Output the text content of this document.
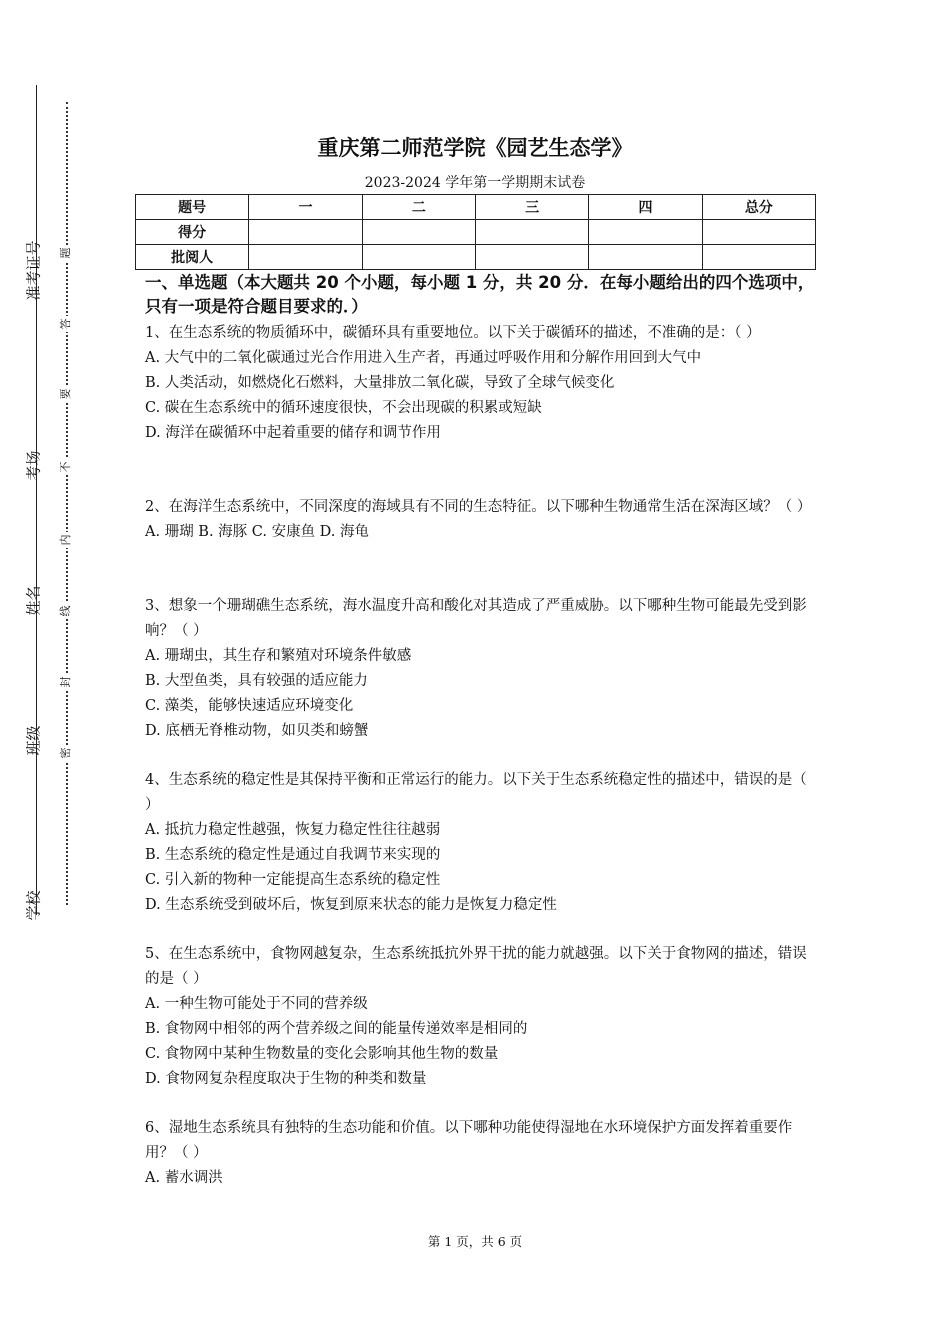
准考证号
考场
姓名
班级
学校
题
答
要
不
内
线
封
密
重庆第二师范学院《园艺生态学》
2023-2024 学年第一学期期末试卷
题号	一	二	三	四	总分
得分					
批阅人					
一、单选题（本大题共 20 个小题，每小题 1 分，共 20 分．在每小题给出的四个选项中，只有一项是符合题目要求的．）
1、在生态系统的物质循环中，碳循环具有重要地位。以下关于碳循环的描述，不准确的是：（ ）
A. 大气中的二氧化碳通过光合作用进入生产者，再通过呼吸作用和分解作用回到大气中
B. 人类活动，如燃烧化石燃料，大量排放二氧化碳，导致了全球气候变化
C. 碳在生态系统中的循环速度很快，不会出现碳的积累或短缺
D. 海洋在碳循环中起着重要的储存和调节作用
2、在海洋生态系统中，不同深度的海域具有不同的生态特征。以下哪种生物通常生活在深海区域？（ ）
A. 珊瑚 B. 海豚 C. 安康鱼 D. 海龟
3、想象一个珊瑚礁生态系统，海水温度升高和酸化对其造成了严重威胁。以下哪种生物可能最先受到影响？（ ）
A. 珊瑚虫，其生存和繁殖对环境条件敏感
B. 大型鱼类，具有较强的适应能力
C. 藻类，能够快速适应环境变化
D. 底栖无脊椎动物，如贝类和螃蟹
4、生态系统的稳定性是其保持平衡和正常运行的能力。以下关于生态系统稳定性的描述中，错误的是（ ）
A. 抵抗力稳定性越强，恢复力稳定性往往越弱
B. 生态系统的稳定性是通过自我调节来实现的
C. 引入新的物种一定能提高生态系统的稳定性
D. 生态系统受到破坏后，恢复到原来状态的能力是恢复力稳定性
5、在生态系统中，食物网越复杂，生态系统抵抗外界干扰的能力就越强。以下关于食物网的描述，错误的是（ ）
A. 一种生物可能处于不同的营养级
B. 食物网中相邻的两个营养级之间的能量传递效率是相同的
C. 食物网中某种生物数量的变化会影响其他生物的数量
D. 食物网复杂程度取决于生物的种类和数量
6、湿地生态系统具有独特的生态功能和价值。以下哪种功能使得湿地在水环境保护方面发挥着重要作用？（ ）
A. 蓄水调洪
第 1 页，共 6 页
